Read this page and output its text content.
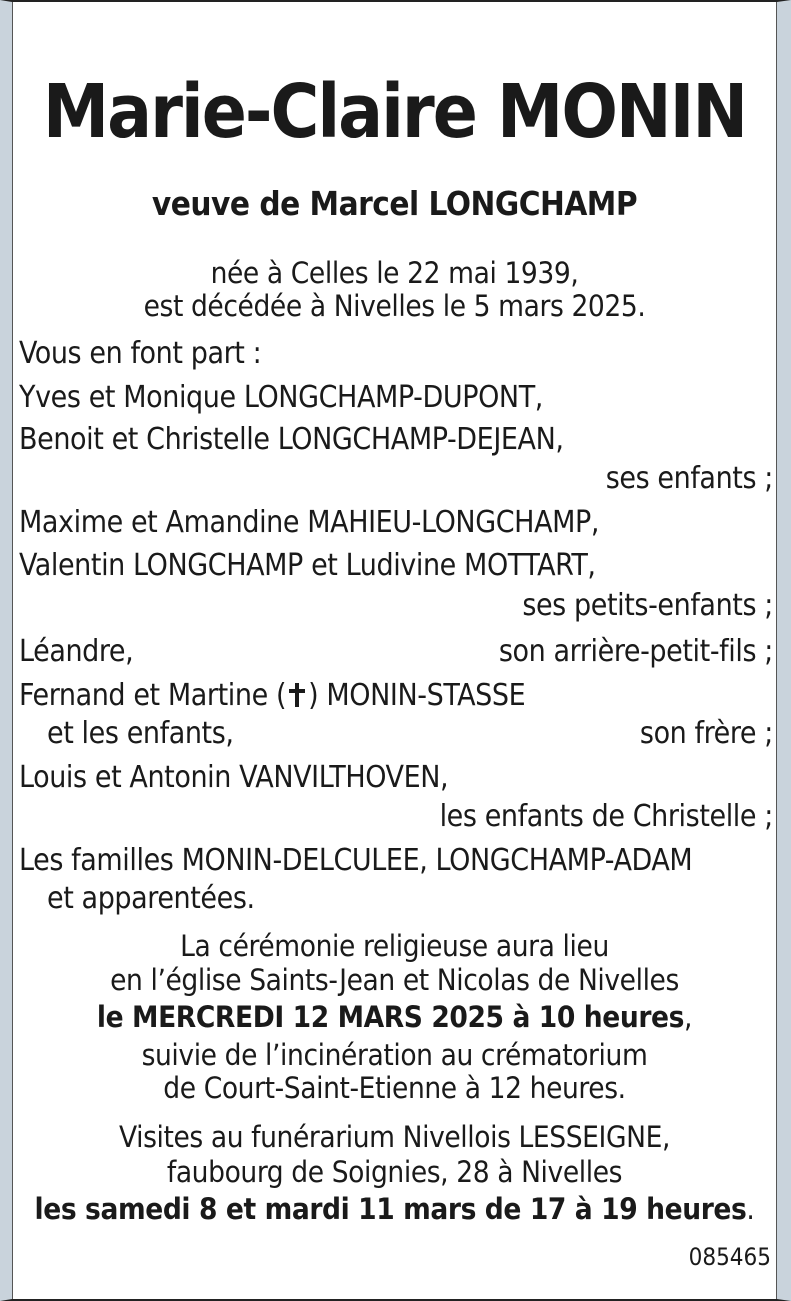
Marie-Claire MONIN
veuve de Marcel LONGCHAMP
née à Celles le 22 mai 1939,
est décédée à Nivelles le 5 mars 2025.
Vous en font part :
Yves et Monique LONGCHAMP-DUPONT,
Benoit et Christelle LONGCHAMP-DEJEAN,
ses enfants ;
Maxime et Amandine MAHIEU-LONGCHAMP,
Valentin LONGCHAMP et Ludivine MOTTART,
ses petits-enfants ;
Léandre,	son arrière-petit-fils ;
Fernand et Martine ( ) MONIN-STASSE
et les enfants,	son frère ;
Louis et Antonin VANVILTHOVEN,
les enfants de Christelle ;
Les familles MONIN-DELCULEE, LONGCHAMP-ADAM
et apparentées.
La cérémonie religieuse aura lieu
en l’église Saints-Jean et Nicolas de Nivelles
le MERCREDI 12 MARS 2025 à 10 heures,
suivie de l’incinération au crématorium
de Court-Saint-Etienne à 12 heures.
Visites au funérarium Nivellois LESSEIGNE,
faubourg de Soignies, 28 à Nivelles
les samedi 8 et mardi 11 mars de 17 à 19 heures.
085465
